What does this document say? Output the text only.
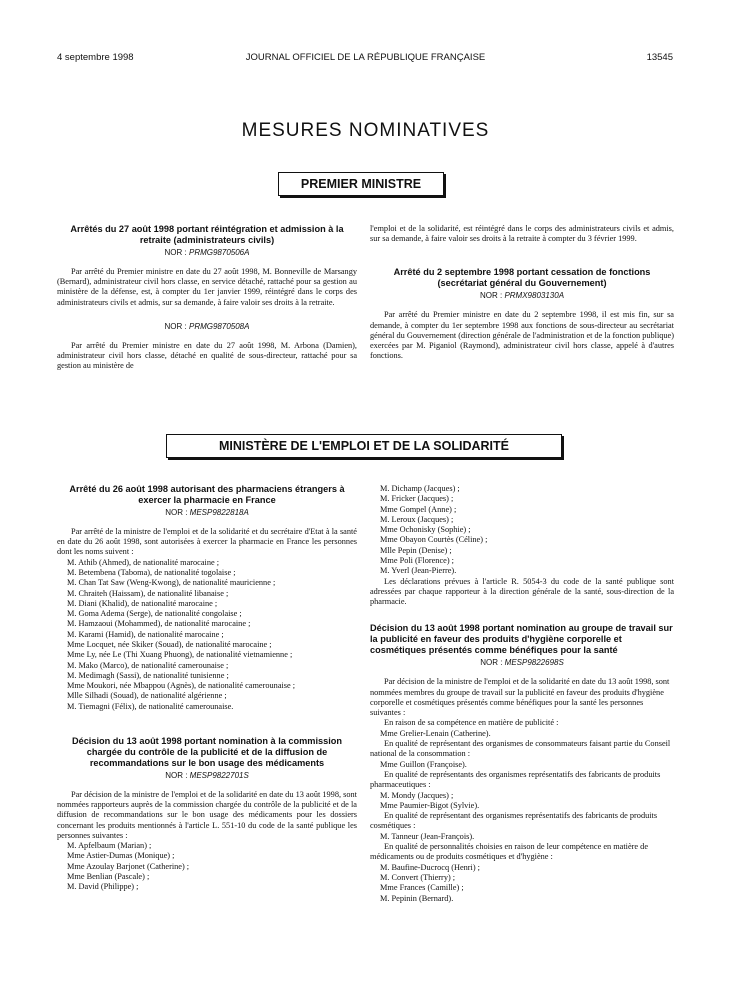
4 septembre 1998	JOURNAL OFFICIEL DE LA RÉPUBLIQUE FRANÇAISE	13545
MESURES NOMINATIVES
PREMIER MINISTRE
Arrêtés du 27 août 1998 portant réintégration et admission à la retraite (administrateurs civils)
NOR : PRMG9870506A

Par arrêté du Premier ministre en date du 27 août 1998, M. Bonneville de Marsangy (Bernard), administrateur civil hors classe, en service détaché, rattaché pour sa gestion au ministère de la défense, est, à compter du 1er janvier 1999, réintégré dans le corps des administrateurs civils et admis, sur sa demande, à faire valoir ses droits à la retraite.

NOR : PRMG9870508A

Par arrêté du Premier ministre en date du 27 août 1998, M. Arbona (Damien), administrateur civil hors classe, détaché en qualité de sous-directeur, rattaché pour sa gestion au ministère de

l'emploi et de la solidarité, est réintégré dans le corps des administrateurs civils et admis, sur sa demande, à faire valoir ses droits à la retraite à compter du 3 février 1999.

Arrêté du 2 septembre 1998 portant cessation de fonctions (secrétariat général du Gouvernement)
NOR : PRMX9803130A

Par arrêté du Premier ministre en date du 2 septembre 1998, il est mis fin, sur sa demande, à compter du 1er septembre 1998 aux fonctions de sous-directeur au secrétariat général du Gouvernement (direction générale de l'administration et de la fonction publique) exercées par M. Piganiol (Raymond), administrateur civil hors classe, appelé à d'autres fonctions.

MINISTÈRE DE L'EMPLOI ET DE LA SOLIDARITÉ
Arrêté du 26 août 1998 autorisant des pharmaciens étrangers à exercer la pharmacie en France
NOR : MESP9822818A

Par arrêté de la ministre de l'emploi et de la solidarité et du secrétaire d'Etat à la santé en date du 26 août 1998, sont autorisées à exercer la pharmacie en France les personnes dont les noms suivent :

M. Athib (Ahmed), de nationalité marocaine ;

M. Betembena (Taboma), de nationalité togolaise ;

M. Chan Tat Saw (Weng-Kwong), de nationalité mauricienne ;

M. Chraiteh (Haissam), de nationalité libanaise ;

M. Diani (Khalid), de nationalité marocaine ;

M. Goma Adema (Serge), de nationalité congolaise ;

M. Hamzaoui (Mohammed), de nationalité marocaine ;

M. Karami (Hamid), de nationalité marocaine ;

Mme Locquet, née Skiker (Souad), de nationalité marocaine ;

Mme Ly, née Le (Thi Xuang Phuong), de nationalité vietnamienne ;

M. Mako (Marco), de nationalité camerounaise ;

M. Medimagh (Sassi), de nationalité tunisienne ;

Mme Moukori, née Mbappou (Agnès), de nationalité camerounaise ;

Mlle Silhadi (Souad), de nationalité algérienne ;

M. Tiemagni (Félix), de nationalité camerounaise.

Décision du 13 août 1998 portant nomination à la commission chargée du contrôle de la publicité et de la diffusion de recommandations sur le bon usage des médicaments
NOR : MESP9822701S

Par décision de la ministre de l'emploi et de la solidarité en date du 13 août 1998, sont nommées rapporteurs auprès de la commission chargée du contrôle de la publicité et de la diffusion de recommandations sur le bon usage des médicaments pour les dossiers concernant les produits mentionnés à l'article L. 551-10 du code de la santé publique les personnes suivantes :

M. Apfelbaum (Marian) ;

Mme Astier-Dumas (Monique) ;

Mme Azoulay Barjonet (Catherine) ;

Mme Benlian (Pascale) ;

M. David (Philippe) ;

M. Dichamp (Jacques) ;

M. Fricker (Jacques) ;

Mme Gompel (Anne) ;

M. Leroux (Jacques) ;

Mme Ochonisky (Sophie) ;

Mme Obayon Courtès (Céline) ;

Mlle Pepin (Denise) ;

Mme Poli (Florence) ;

M. Yverl (Jean-Pierre).

Les déclarations prévues à l'article R. 5054-3 du code de la santé publique sont adressées par chaque rapporteur à la direction générale de la santé, sous-direction de la pharmacie.

Décision du 13 août 1998 portant nomination au groupe de travail sur la publicité en faveur des produits d'hygiène corporelle et cosmétiques présentés comme bénéfiques pour la santé
NOR : MESP9822698S

Par décision de la ministre de l'emploi et de la solidarité en date du 13 août 1998, sont nommées membres du groupe de travail sur la publicité en faveur des produits d'hygiène corporelle et cosmétiques présentés comme bénéfiques pour la santé les personnes suivantes :

En raison de sa compétence en matière de publicité :

Mme Grelier-Lenain (Catherine).

En qualité de représentant des organismes de consommateurs faisant partie du Conseil national de la consommation :

Mme Guillon (Françoise).

En qualité de représentants des organismes représentatifs des fabricants de produits pharmaceutiques :

M. Mondy (Jacques) ;

Mme Paumier-Bigot (Sylvie).

En qualité de représentant des organismes représentatifs des fabricants de produits cosmétiques :

M. Tanneur (Jean-François).

En qualité de personnalités choisies en raison de leur compétence en matière de médicaments ou de produits cosmétiques et d'hygiène :

M. Baufine-Ducrocq (Henri) ;

M. Convert (Thierry) ;

Mme Frances (Camille) ;

M. Pepinin (Bernard).
